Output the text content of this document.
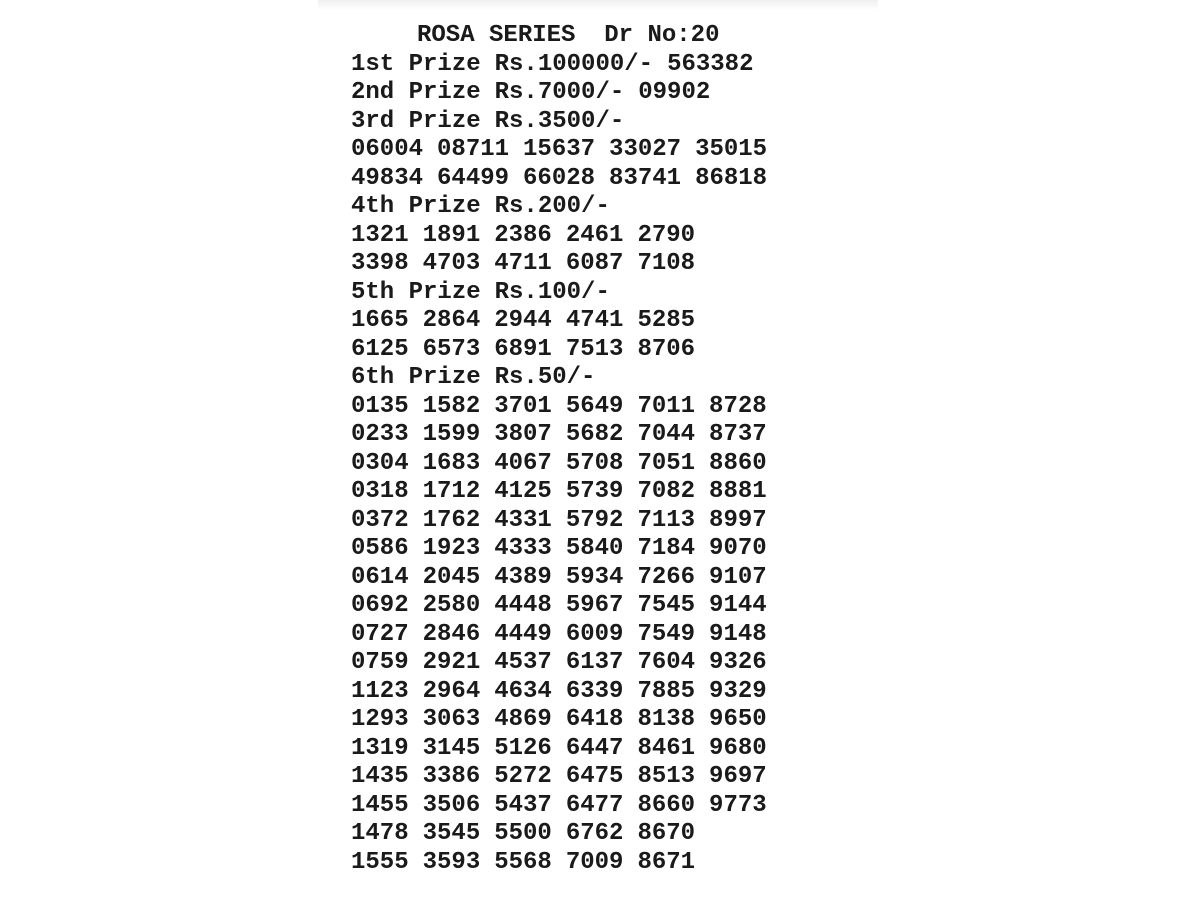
ROSA SERIES Dr No:20
1st Prize Rs.100000/- 563382
2nd Prize Rs.7000/- 09902
3rd Prize Rs.3500/-
06004 08711 15637 33027 35015
49834 64499 66028 83741 86818
4th Prize Rs.200/-
1321 1891 2386 2461 2790
3398 4703 4711 6087 7108
5th Prize Rs.100/-
1665 2864 2944 4741 5285
6125 6573 6891 7513 8706
6th Prize Rs.50/-
0135 1582 3701 5649 7011 8728
0233 1599 3807 5682 7044 8737
0304 1683 4067 5708 7051 8860
0318 1712 4125 5739 7082 8881
0372 1762 4331 5792 7113 8997
0586 1923 4333 5840 7184 9070
0614 2045 4389 5934 7266 9107
0692 2580 4448 5967 7545 9144
0727 2846 4449 6009 7549 9148
0759 2921 4537 6137 7604 9326
1123 2964 4634 6339 7885 9329
1293 3063 4869 6418 8138 9650
1319 3145 5126 6447 8461 9680
1435 3386 5272 6475 8513 9697
1455 3506 5437 6477 8660 9773
1478 3545 5500 6762 8670
1555 3593 5568 7009 8671
